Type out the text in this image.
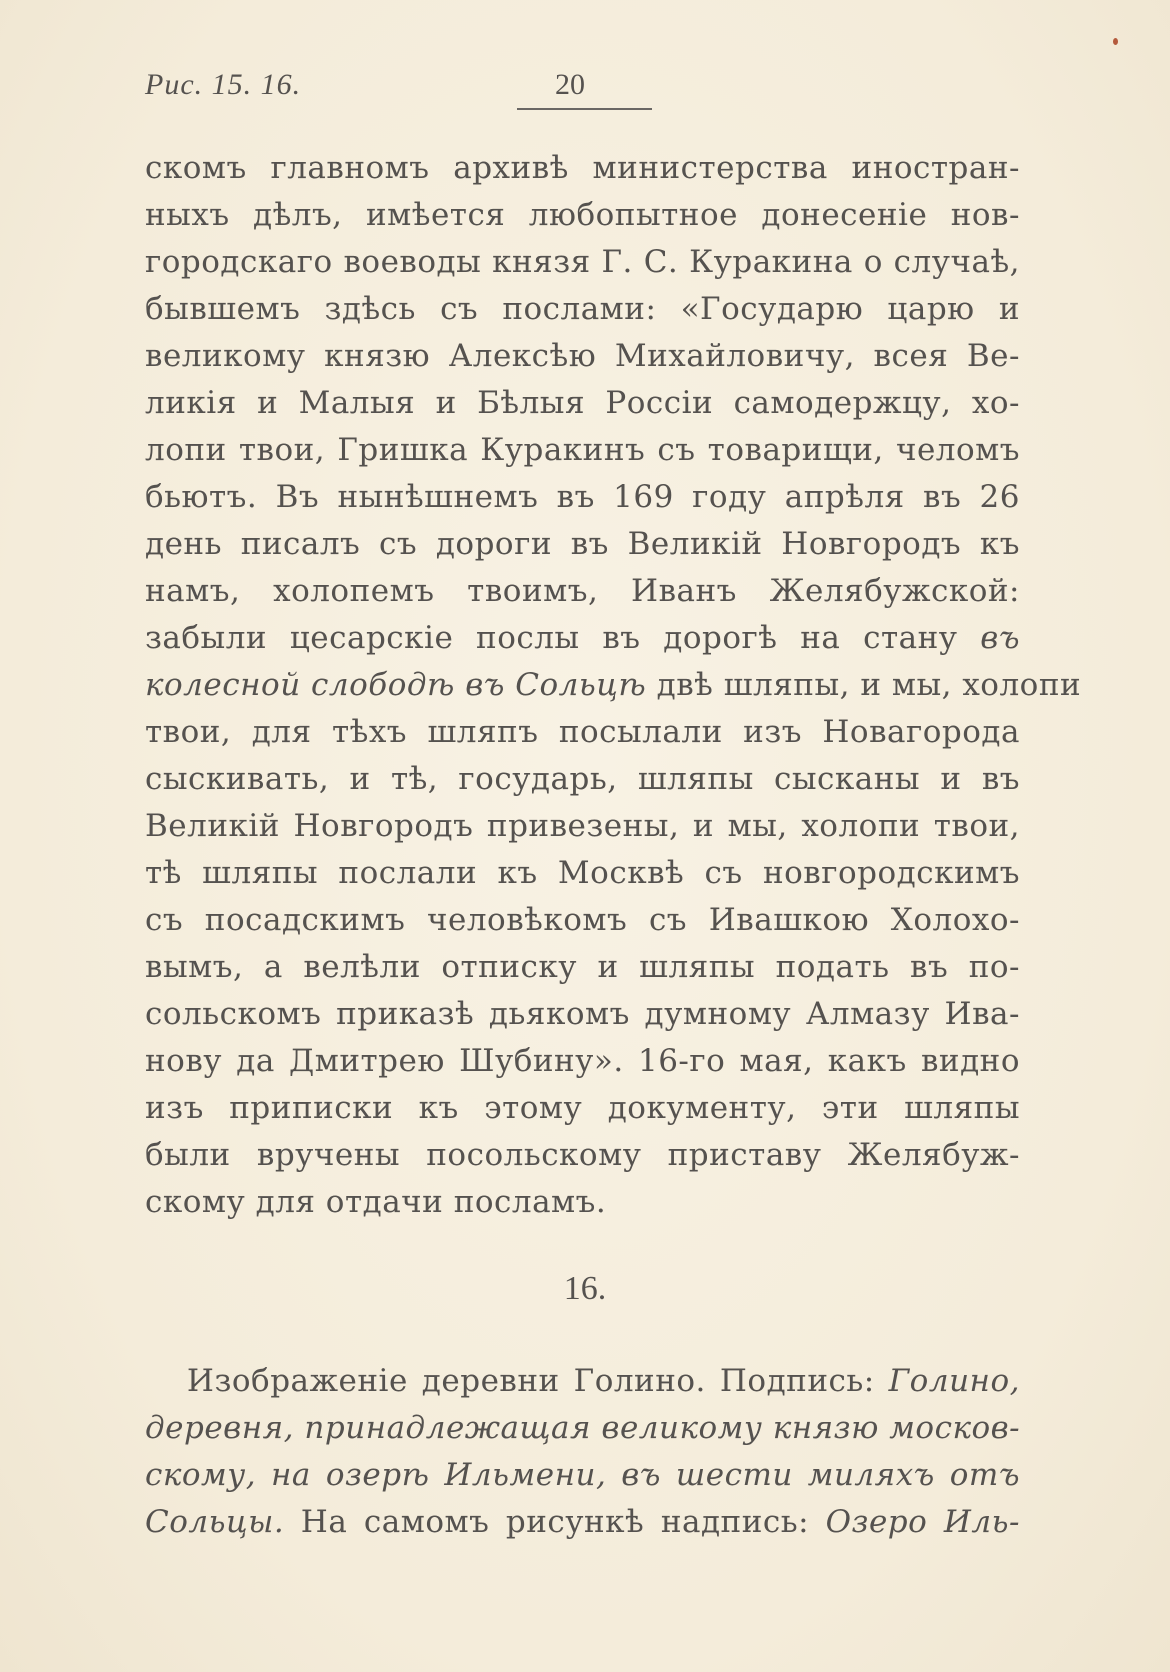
Рис. 15. 16.	20
скомъ главномъ архивѣ министерства иностран-
ныхъ дѣлъ, имѣется любопытное донесеніе нов-
городскаго воеводы князя Г. С. Куракина о случаѣ,
бывшемъ здѣсь съ послами: «Государю царю и
великому князю Алексѣю Михайловичу, всея Ве-
ликія и Малыя и Бѣлыя Россіи самодержцу, хо-
лопи твои, Гришка Куракинъ съ товарищи, челомъ
бьютъ. Въ нынѣшнемъ въ 169 году апрѣля въ 26
день писалъ съ дороги въ Великій Новгородъ къ
намъ, холопемъ твоимъ, Иванъ Желябужской:
забыли цесарскіе послы въ дорогѣ на стану въ
колесной слободѣ въ Сольцѣ двѣ шляпы, и мы, холопи
твои, для тѣхъ шляпъ посылали изъ Новагорода
сыскивать, и тѣ, государь, шляпы сысканы и въ
Великій Новгородъ привезены, и мы, холопи твои,
тѣ шляпы послали къ Москвѣ съ новгородскимъ
съ посадскимъ человѣкомъ съ Ивашкою Холохо-
вымъ, а велѣли отписку и шляпы подать въ по-
сольскомъ приказѣ дьякомъ думному Алмазу Ива-
нову да Дмитрею Шубину». 16-го мая, какъ видно
изъ приписки къ этому документу, эти шляпы
были вручены посольскому приставу Желябуж-
скому для отдачи посламъ.
16.
Изображеніе деревни Голино. Подпись: Голино,
деревня, принадлежащая великому князю москов-
скому, на озерѣ Ильмени, въ шести миляхъ отъ
Сольцы. На самомъ рисункѣ надпись: Озеро Иль-
